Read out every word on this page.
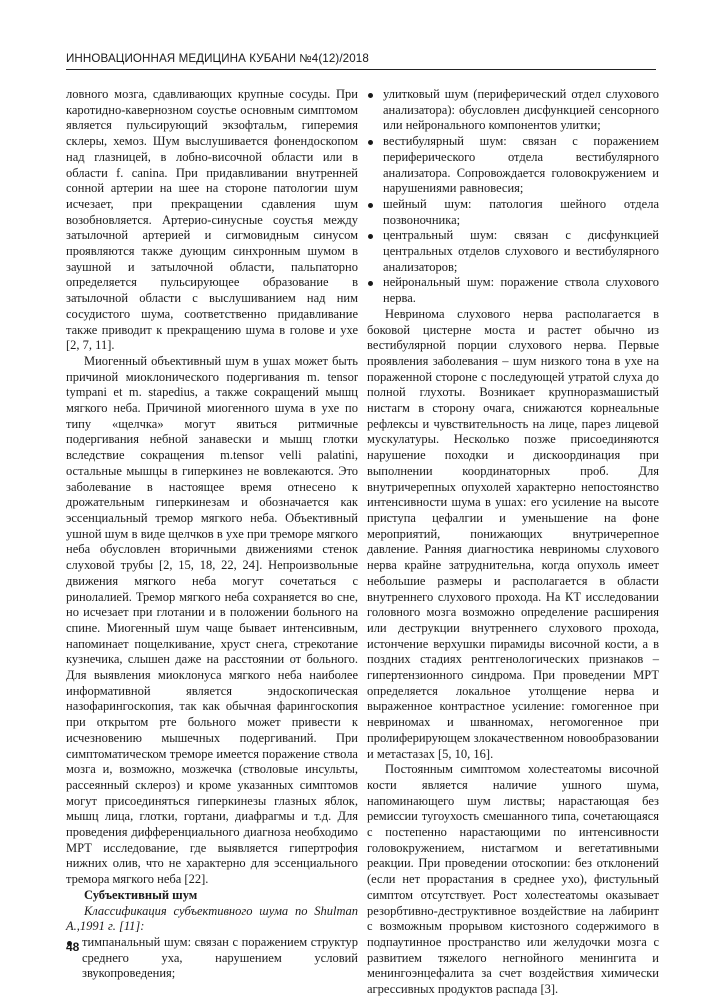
ИННОВАЦИОННАЯ МЕДИЦИНА КУБАНИ №4(12)/2018

ловного мозга, сдавливающих крупные сосуды. При каротидно-кавернозном соустье основным симптомом является пульсирующий экзофтальм, гиперемия склеры, хемоз. Шум выслушивается фонендоскопом над глазницей, в лобно-височной области или в области f. canina. При придавливании внутренней сонной артерии на шее на стороне патологии шум исчезает, при прекращении сдавления шум возобновляется. Артерио-синусные соустья между затылочной артерией и сигмовидным синусом проявляются также дующим синхронным шумом в заушной и затылочной области, пальпаторно определяется пульсирующее образование в затылочной области с выслушиванием над ним сосудистого шума, соответственно придавливание также приводит к прекращению шума в голове и ухе [2, 7, 11].

Миогенный объективный шум в ушах может быть причиной миоклонического подергивания m. tensor tympani et m. stapedius, а также сокращений мышц мягкого неба. Причиной миогенного шума в ухе по типу «щелчка» могут явиться ритмичные подергивания небной занавески и мышц глотки вследствие сокращения m.tensor velli palatini, остальные мышцы в гиперкинез не вовлекаются. Это заболевание в настоящее время отнесено к дрожательным гиперкинезам и обозначается как эссенциальный тремор мягкого неба. Объективный ушной шум в виде щелчков в ухе при треморе мягкого неба обусловлен вторичными движениями стенок слуховой трубы [2, 15, 18, 22, 24]. Непроизвольные движения мягкого неба могут сочетаться с ринолалией. Тремор мягкого неба сохраняется во сне, но исчезает при глотании и в положении больного на спине. Миогенный шум чаще бывает интенсивным, напоминает пощелкивание, хруст снега, стрекотание кузнечика, слышен даже на расстоянии от больного. Для выявления миоклонуса мягкого неба наиболее информативной является эндоскопическая назофарингоскопия, так как обычная фарингоскопия при открытом рте больного может привести к исчезновению мышечных подергиваний. При симптоматическом треморе имеется поражение ствола мозга и, возможно, мозжечка (стволовые инсульты, рассеянный склероз) и кроме указанных симптомов могут присоединяться гиперкинезы глазных яблок, мышц лица, глотки, гортани, диафрагмы и т.д. Для проведения дифференциального диагноза необходимо МРТ исследование, где выявляется гипертрофия нижних олив, что не характерно для эссенциального тремора мягкого неба [22].

Субъективный шум

Классификация субъективного шума по Shulman A.,1991 г. [11]:

тимпанальный шум: связан с поражением структур среднего уха, нарушением условий звукопроведения;
улитковый шум (периферический отдел слухового анализатора): обусловлен дисфункцией сенсорного или нейронального компонентов улитки;
вестибулярный шум: связан с поражением периферического отдела вестибулярного анализатора. Сопровождается головокружением и нарушениями равновесия;
шейный шум: патология шейного отдела позвоночника;
центральный шум: связан с дисфункцией центральных отделов слухового и вестибулярного анализаторов;
нейрональный шум: поражение ствола слухового нерва.

Невринома слухового нерва располагается в боковой цистерне моста и растет обычно из вестибулярной порции слухового нерва. Первые проявления заболевания – шум низкого тона в ухе на пораженной стороне с последующей утратой слуха до полной глухоты. Возникает крупноразмашистый нистагм в сторону очага, снижаются корнеальные рефлексы и чувствительность на лице, парез лицевой мускулатуры. Несколько позже присоединяются нарушение походки и дискоординация при выполнении координаторных проб. Для внутричерепных опухолей характерно непостоянство интенсивности шума в ушах: его усиление на высоте приступа цефалгии и уменьшение на фоне мероприятий, понижающих внутричерепное давление. Ранняя диагностика невриномы слухового нерва крайне затруднительна, когда опухоль имеет небольшие размеры и располагается в области внутреннего слухового прохода. На КТ исследовании головного мозга возможно определение расширения или деструкции внутреннего слухового прохода, истончение верхушки пирамиды височной кости, а в поздних стадиях рентгенологических признаков – гипертензионного синдрома. При проведении МРТ определяется локальное утолщение нерва и выраженное контрастное усиление: гомогенное при невриномах и шванномах, негомогенное при пролиферирующем злокачественном новообразовании и метастазах [5, 10, 16].

Постоянным симптомом холестеатомы височной кости является наличие ушного шума, напоминающего шум листвы; нарастающая без ремиссии тугоухость смешанного типа, сочетающаяся с постепенно нарастающими по интенсивности головокружением, нистагмом и вегетативными реакции. При проведении отоскопии: без отклонений (если нет прорастания в среднее ухо), фистульный симптом отсутствует. Рост холестеатомы оказывает резорбтивно-деструктивное воздействие на лабиринт с возможным прорывом кистозного содержимого в подпаутинное пространство или желудочки мозга с развитием тяжелого негнойного менингита и менингоэнцефалита за счет воздействия химически агрессивных продуктов распада [3].

48
